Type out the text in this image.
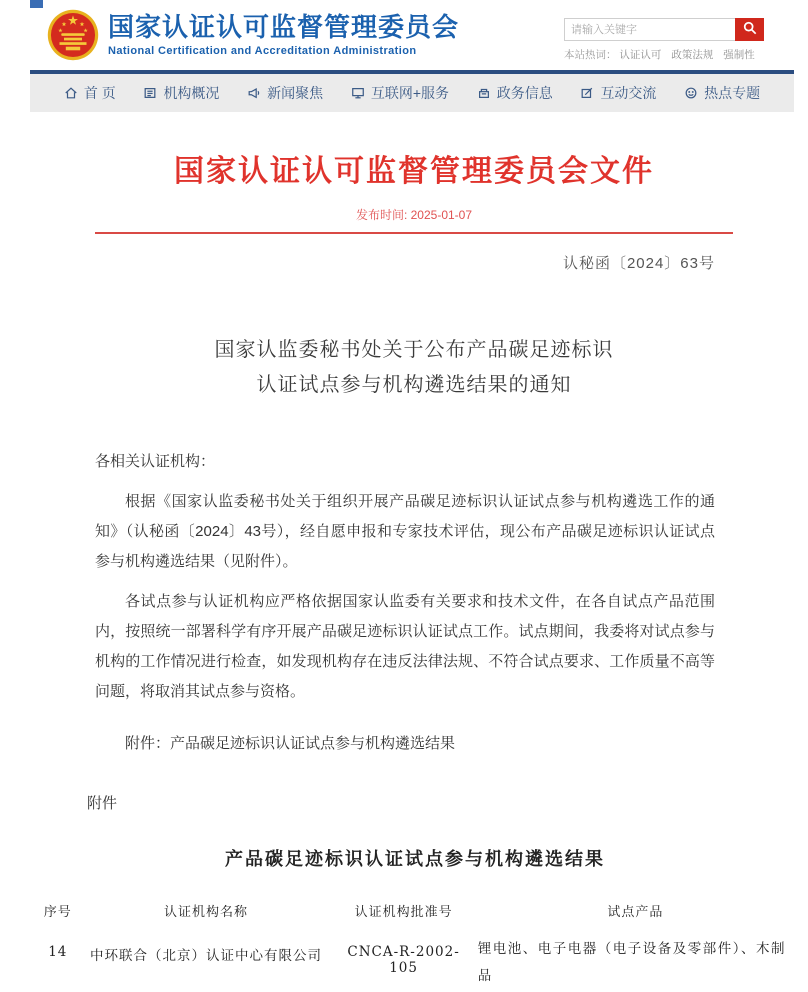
国家认证认可监督管理委员会
National Certification and Accreditation Administration
请输入关键字	本站热词： 认证认可 政策法规 强制性
首 页	机构概况	新闻聚焦	互联网+服务	政务信息	互动交流	热点专题
国家认证认可监督管理委员会文件
发布时间: 2025-01-07
认秘函〔2024〕63号
国家认监委秘书处关于公布产品碳足迹标识
认证试点参与机构遴选结果的通知
各相关认证机构：
根据《国家认监委秘书处关于组织开展产品碳足迹标识认证试点参与机构遴选工作的通知》（认秘函〔2024〕43号），经自愿申报和专家技术评估，现公布产品碳足迹标识认证试点参与机构遴选结果（见附件）。
各试点参与认证机构应严格依据国家认监委有关要求和技术文件，在各自试点产品范围内，按照统一部署科学有序开展产品碳足迹标识认证试点工作。试点期间，我委将对试点参与机构的工作情况进行检查，如发现机构存在违反法律法规、不符合试点要求、工作质量不高等问题，将取消其试点参与资格。
附件：产品碳足迹标识认证试点参与机构遴选结果
附件
产品碳足迹标识认证试点参与机构遴选结果
序号	认证机构名称	认证机构批准号	试点产品
14	中环联合（北京）认证中心有限公司	CNCA-R-2002-105	锂电池、电子电器（电子设备及零部件）、木制品
